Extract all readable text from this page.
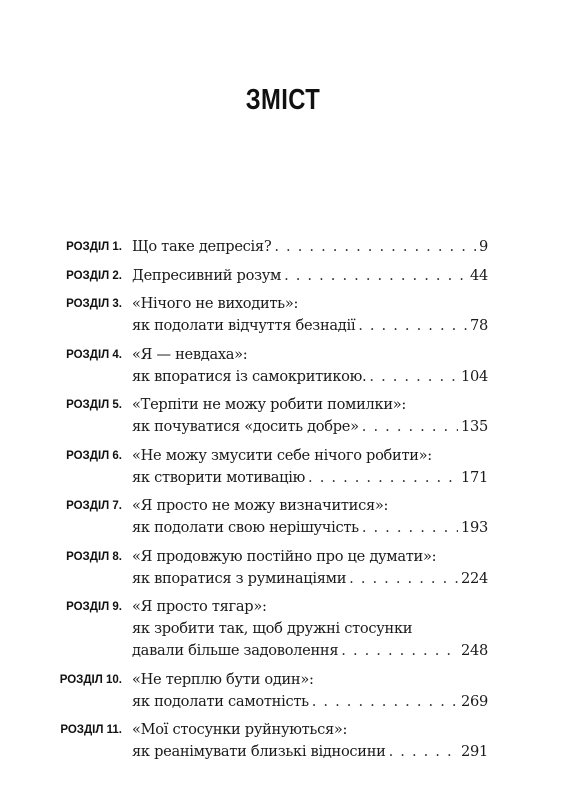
ЗМІСТ
РОЗДІЛ 1. Що таке депресія? . . .	9
РОЗДІЛ 2. Депресивний розум . . .	44
РОЗДІЛ 3. «Нічого не виходить»:
як подолати відчуття безнадії . . .	78
РОЗДІЛ 4. «Я — невдаха»:
як впоратися із самокритикою. . . .	104
РОЗДІЛ 5. «Терпіти не можу робити помилки»:
як почуватися «досить добре» . . .	135
РОЗДІЛ 6. «Не можу змусити себе нічого робити»:
як створити мотивацію . . .	171
РОЗДІЛ 7. «Я просто не можу визначитися»:
як подолати свою нерішучість . . .	193
РОЗДІЛ 8. «Я продовжую постійно про це думати»:
як впоратися з руминаціями . . .	224
РОЗДІЛ 9. «Я просто тягар»:
як зробити так, щоб дружні стосунки
давали більше задоволення . . .	248
РОЗДІЛ 10. «Не терплю бути один»:
як подолати самотність . . .	269
РОЗДІЛ 11. «Мої стосунки руйнуються»:
як реанімувати близькі відносини . . .	291
